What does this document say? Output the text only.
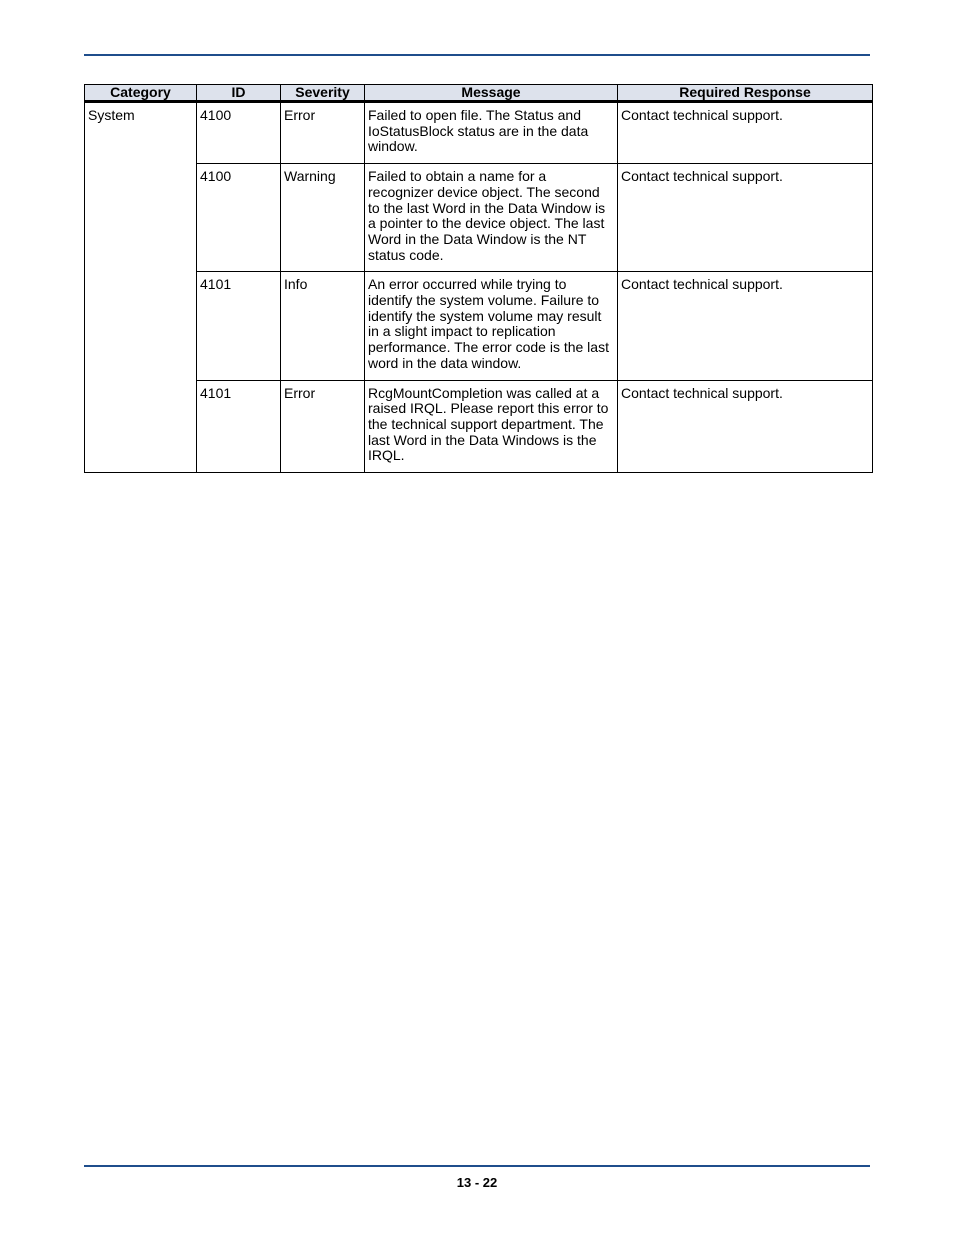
Category	ID	Severity	Message	Required Response
System	4100	Error	Failed to open file. The Status and IoStatusBlock status are in the data window.	Contact technical support.
	4100	Warning	Failed to obtain a name for a recognizer device object. The second to the last Word in the Data Window is a pointer to the device object. The last Word in the Data Window is the NT status code.	Contact technical support.
	4101	Info	An error occurred while trying to identify the system volume. Failure to identify the system volume may result in a slight impact to replication performance. The error code is the last word in the data window.	Contact technical support.
	4101	Error	RcgMountCompletion was called at a raised IRQL. Please report this error to the technical support department. The last Word in the Data Windows is the IRQL.	Contact technical support.
13 - 22
